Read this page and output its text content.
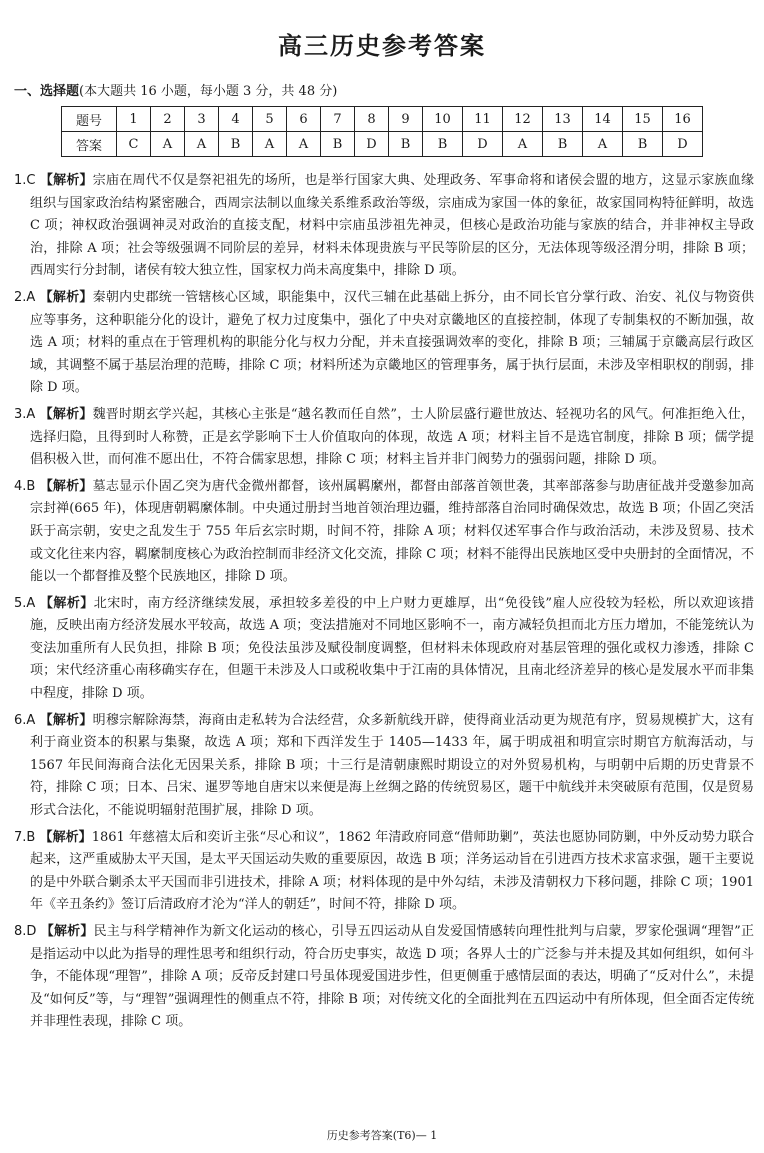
高三历史参考答案
一、选择题(本大题共 16 小题，每小题 3 分，共 48 分)
题号	1	2	3	4	5	6	7	8	9	10	11	12	13	14	15	16
答案	C	A	A	B	A	A	B	D	B	B	D	A	B	A	B	D

1.C 【解析】宗庙在周代不仅是祭祀祖先的场所，也是举行国家大典、处理政务、军事命将和诸侯会盟的地方，这显示家族血缘组织与国家政治结构紧密融合，西周宗法制以血缘关系维系政治等级，宗庙成为家国一体的象征，故家国同构特征鲜明，故选 C 项；神权政治强调神灵对政治的直接支配，材料中宗庙虽涉祖先神灵，但核心是政治功能与家族的结合，并非神权主导政治，排除 A 项；社会等级强调不同阶层的差异，材料未体现贵族与平民等阶层的区分，无法体现等级泾渭分明，排除 B 项；西周实行分封制，诸侯有较大独立性，国家权力尚未高度集中，排除 D 项。

2.A 【解析】秦朝内史郡统一管辖核心区域，职能集中，汉代三辅在此基础上拆分，由不同长官分掌行政、治安、礼仪与物资供应等事务，这种职能分化的设计，避免了权力过度集中，强化了中央对京畿地区的直接控制，体现了专制集权的不断加强，故选 A 项；材料的重点在于管理机构的职能分化与权力分配，并未直接强调效率的变化，排除 B 项；三辅属于京畿高层行政区域，其调整不属于基层治理的范畴，排除 C 项；材料所述为京畿地区的管理事务，属于执行层面，未涉及宰相职权的削弱，排除 D 项。

3.A 【解析】魏晋时期玄学兴起，其核心主张是“越名教而任自然”，士人阶层盛行避世放达、轻视功名的风气。何准拒绝入仕，选择归隐，且得到时人称赞，正是玄学影响下士人价值取向的体现，故选 A 项；材料主旨不是选官制度，排除 B 项；儒学提倡积极入世，而何准不愿出仕，不符合儒家思想，排除 C 项；材料主旨并非门阀势力的强弱问题，排除 D 项。

4.B 【解析】墓志显示仆固乙突为唐代金微州都督，该州属羁縻州，都督由部落首领世袭，其率部落参与助唐征战并受邀参加高宗封禅(665 年)，体现唐朝羁縻体制。中央通过册封当地首领治理边疆，维持部落自治同时确保效忠，故选 B 项；仆固乙突活跃于高宗朝，安史之乱发生于 755 年后玄宗时期，时间不符，排除 A 项；材料仅述军事合作与政治活动，未涉及贸易、技术或文化往来内容，羁縻制度核心为政治控制而非经济文化交流，排除 C 项；材料不能得出民族地区受中央册封的全面情况，不能以一个都督推及整个民族地区，排除 D 项。

5.A 【解析】北宋时，南方经济继续发展，承担较多差役的中上户财力更雄厚，出“免役钱”雇人应役较为轻松，所以欢迎该措施，反映出南方经济发展水平较高，故选 A 项；变法措施对不同地区影响不一，南方减轻负担而北方压力增加，不能笼统认为变法加重所有人民负担，排除 B 项；免役法虽涉及赋役制度调整，但材料未体现政府对基层管理的强化或权力渗透，排除 C 项；宋代经济重心南移确实存在，但题干未涉及人口或税收集中于江南的具体情况，且南北经济差异的核心是发展水平而非集中程度，排除 D 项。

6.A 【解析】明穆宗解除海禁，海商由走私转为合法经营，众多新航线开辟，使得商业活动更为规范有序，贸易规模扩大，这有利于商业资本的积累与集聚，故选 A 项；郑和下西洋发生于 1405—1433 年，属于明成祖和明宣宗时期官方航海活动，与 1567 年民间海商合法化无因果关系，排除 B 项；十三行是清朝康熙时期设立的对外贸易机构，与明朝中后期的历史背景不符，排除 C 项；日本、吕宋、暹罗等地自唐宋以来便是海上丝绸之路的传统贸易区，题干中航线并未突破原有范围，仅是贸易形式合法化，不能说明辐射范围扩展，排除 D 项。

7.B 【解析】1861 年慈禧太后和奕䜣主张“尽心和议”，1862 年清政府同意“借师助剿”，英法也愿协同防剿，中外反动势力联合起来，这严重威胁太平天国，是太平天国运动失败的重要原因，故选 B 项；洋务运动旨在引进西方技术求富求强，题干主要说的是中外联合剿杀太平天国而非引进技术，排除 A 项；材料体现的是中外勾结，未涉及清朝权力下移问题，排除 C 项；1901 年《辛丑条约》签订后清政府才沦为“洋人的朝廷”，时间不符，排除 D 项。

8.D 【解析】民主与科学精神作为新文化运动的核心，引导五四运动从自发爱国情感转向理性批判与启蒙，罗家伦强调“理智”正是指运动中以此为指导的理性思考和组织行动，符合历史事实，故选 D 项；各界人士的广泛参与并未提及其如何组织，如何斗争，不能体现“理智”，排除 A 项；反帝反封建口号虽体现爱国进步性，但更侧重于感情层面的表达，明确了“反对什么”，未提及“如何反”等，与“理智”强调理性的侧重点不符，排除 B 项；对传统文化的全面批判在五四运动中有所体现，但全面否定传统并非理性表现，排除 C 项。

历史参考答案(T6)— 1
